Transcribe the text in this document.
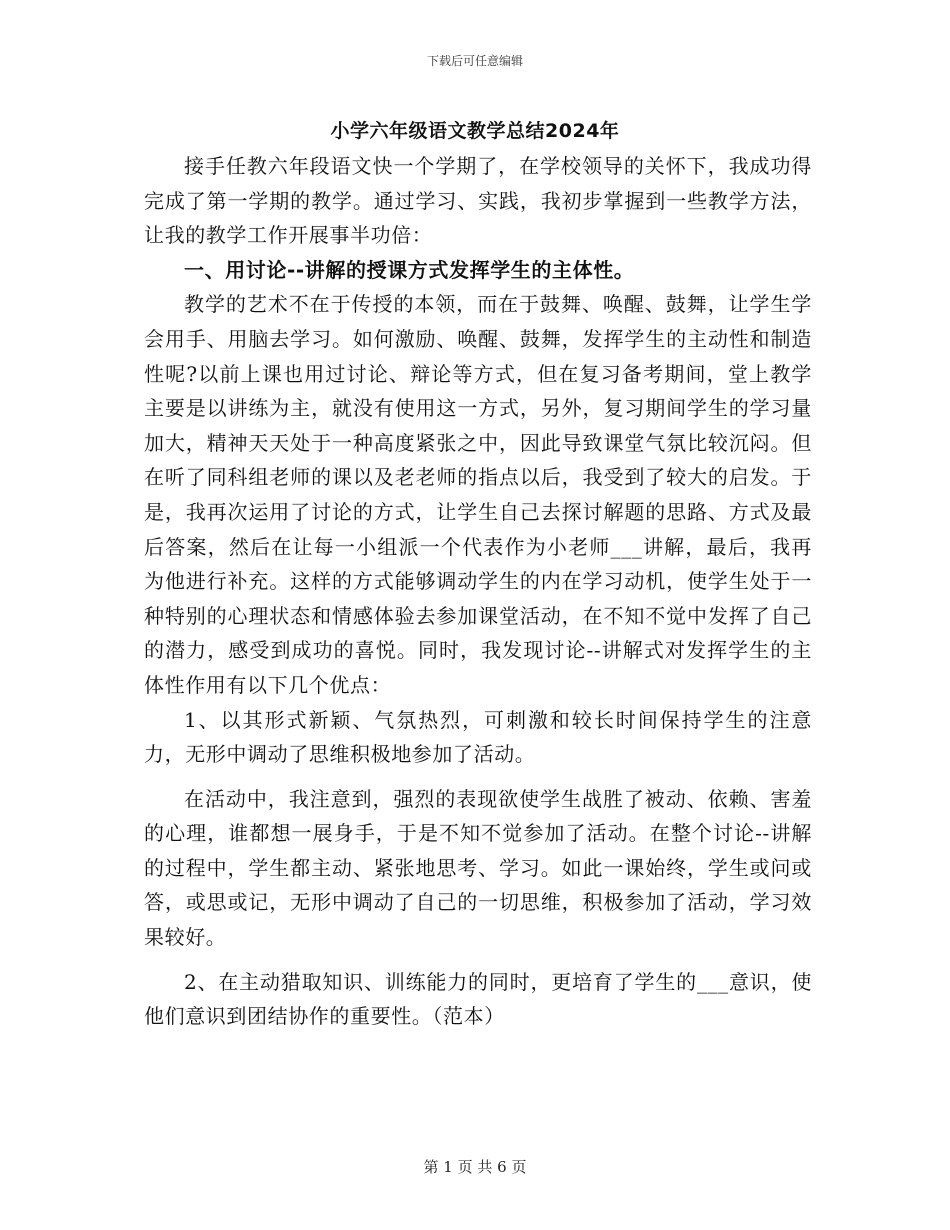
下载后可任意编辑
小学六年级语文教学总结2024年

接手任教六年段语文快一个学期了，在学校领导的关怀下，我成功得完成了第一学期的教学。通过学习、实践，我初步掌握到一些教学方法，让我的教学工作开展事半功倍：

一、用讨论--讲解的授课方式发挥学生的主体性。

教学的艺术不在于传授的本领，而在于鼓舞、唤醒、鼓舞，让学生学会用手、用脑去学习。如何激励、唤醒、鼓舞，发挥学生的主动性和制造性呢?以前上课也用过讨论、辩论等方式，但在复习备考期间，堂上教学主要是以讲练为主，就没有使用这一方式，另外，复习期间学生的学习量加大，精神天天处于一种高度紧张之中，因此导致课堂气氛比较沉闷。但在听了同科组老师的课以及老老师的指点以后，我受到了较大的启发。于是，我再次运用了讨论的方式，让学生自己去探讨解题的思路、方式及最后答案，然后在让每一小组派一个代表作为小老师___讲解，最后，我再为他进行补充。这样的方式能够调动学生的内在学习动机，使学生处于一种特别的心理状态和情感体验去参加课堂活动，在不知不觉中发挥了自己的潜力，感受到成功的喜悦。同时，我发现讨论--讲解式对发挥学生的主体性作用有以下几个优点：

1、以其形式新颖、气氛热烈，可刺激和较长时间保持学生的注意力，无形中调动了思维积极地参加了活动。

在活动中，我注意到，强烈的表现欲使学生战胜了被动、依赖、害羞的心理，谁都想一展身手，于是不知不觉参加了活动。在整个讨论--讲解的过程中，学生都主动、紧张地思考、学习。如此一课始终，学生或问或答，或思或记，无形中调动了自己的一切思维，积极参加了活动，学习效果较好。

2、在主动猎取知识、训练能力的同时，更培育了学生的___意识，使他们意识到团结协作的重要性。（范本）

第 1 页 共 6 页
